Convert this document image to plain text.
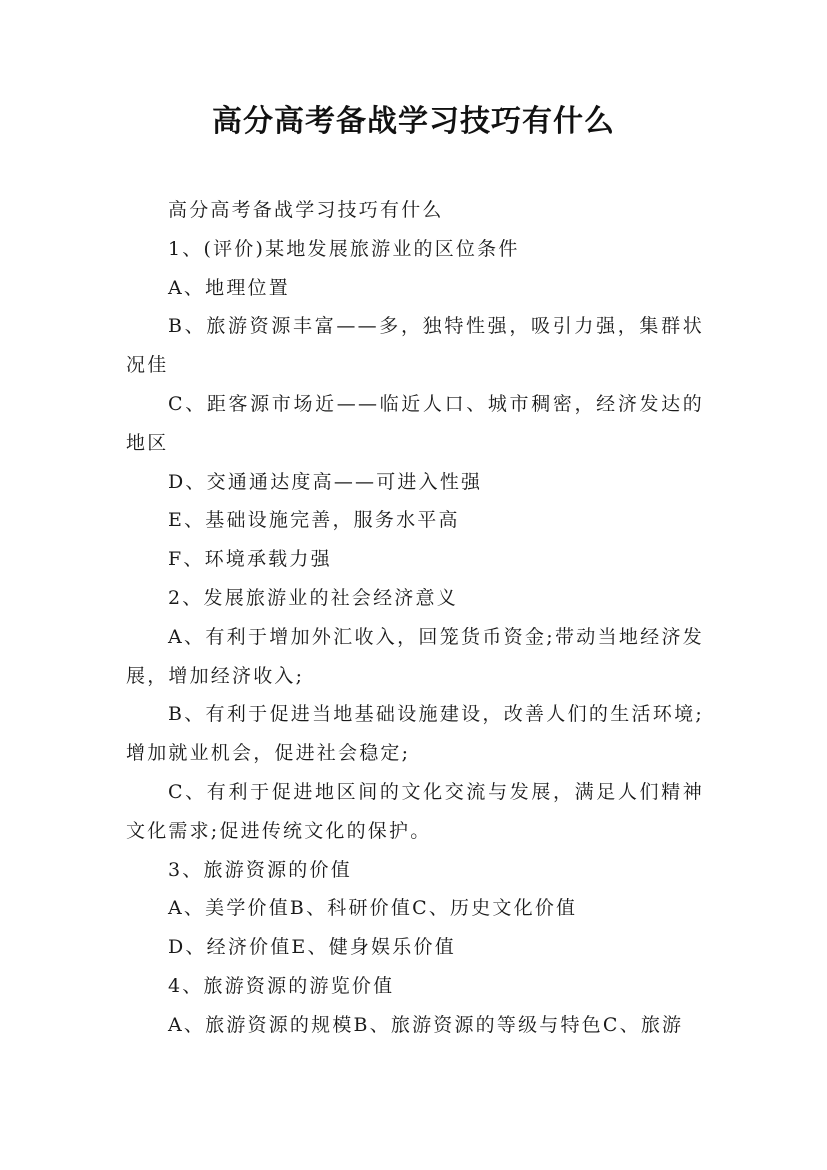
高分高考备战学习技巧有什么

高分高考备战学习技巧有什么

1、(评价)某地发展旅游业的区位条件

A、地理位置

B、旅游资源丰富——多，独特性强，吸引力强，集群状况佳

C、距客源市场近——临近人口、城市稠密，经济发达的地区

D、交通通达度高——可进入性强

E、基础设施完善，服务水平高

F、环境承载力强

2、发展旅游业的社会经济意义

A、有利于增加外汇收入，回笼货币资金;带动当地经济发展，增加经济收入;

B、有利于促进当地基础设施建设，改善人们的生活环境;增加就业机会，促进社会稳定;

C、有利于促进地区间的文化交流与发展，满足人们精神文化需求;促进传统文化的保护。

3、旅游资源的价值

A、美学价值B、科研价值C、历史文化价值

D、经济价值E、健身娱乐价值

4、旅游资源的游览价值

A、旅游资源的规模B、旅游资源的等级与特色C、旅游
